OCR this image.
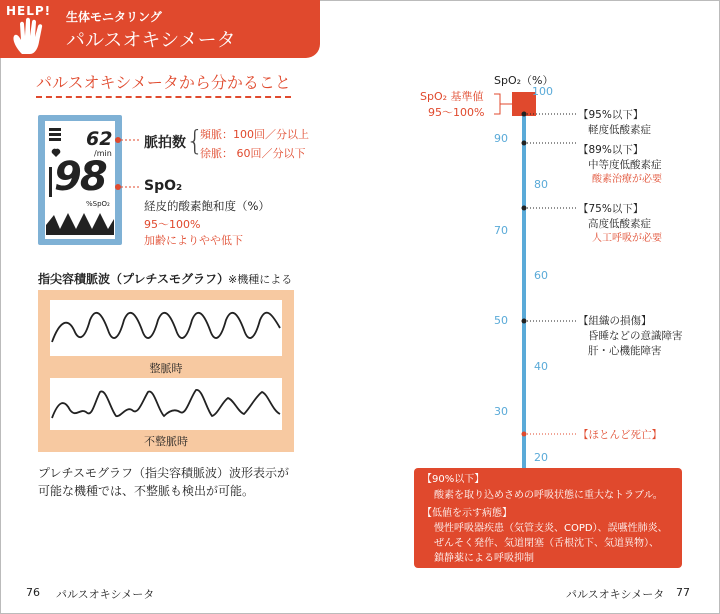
HELP! 生体モニタリング
パルスオキシメータ
パルスオキシメータから分かること
62
/min
98
%SpO₂
脈拍数 {
頻脈：100回／分以上
徐脈： 60回／分以下
SpO₂
経皮的酸素飽和度（%）
95〜100%
加齢によりやや低下
指尖容積脈波（プレチスモグラフ）
※機種による
整脈時
不整脈時
プレチスモグラフ（指尖容積脈波）波形表示が
可能な機種では、不整脈も検出が可能。
SpO₂（%）
100
90
80
70
60
50
40
30
20
SpO₂ 基準値
95〜100%	【95%以下】
軽度低酸素症
【89%以下】
中等度低酸素症
酸素治療が必要
【75%以下】
高度低酸素症
人工呼吸が必要
【組織の損傷】
昏睡などの意識障害
肝・心機能障害
【ほとんど死亡】
【90%以下】
酸素を取り込めさめの呼吸状態に重大なトラブル。
【低値を示す病態】
慢性呼吸器疾患（気管支炎、COPD）、誤嚥性肺炎、
ぜんそく発作、気道閉塞（舌根沈下、気道異物）、
鎮静薬による呼吸抑制
76 パルスオキシメータ	パルスオキシメータ 77
